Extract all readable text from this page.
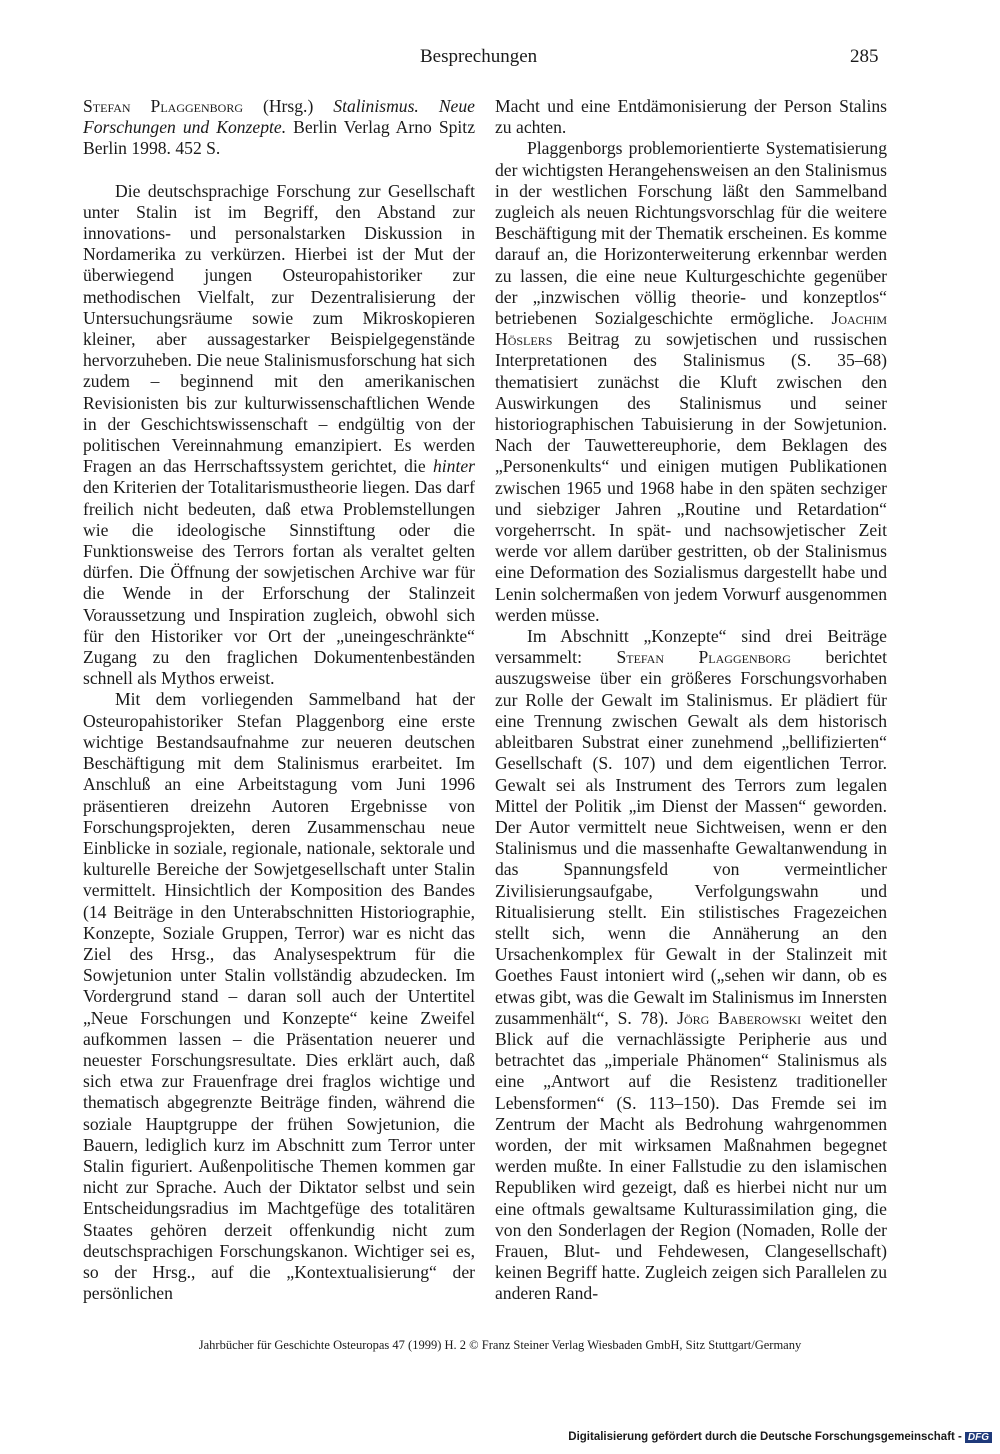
Besprechungen	285

Stefan Plaggenborg (Hrsg.) Stalinismus. Neue Forschungen und Konzepte. Berlin Verlag Arno Spitz Berlin 1998. 452 S.

Die deutschsprachige Forschung zur Gesellschaft unter Stalin ist im Begriff, den Abstand zur innovations- und personalstarken Diskussion in Nordamerika zu verkürzen. Hierbei ist der Mut der überwiegend jungen Osteuropahistoriker zur methodischen Vielfalt, zur Dezentralisierung der Untersuchungsräume sowie zum Mikroskopieren kleiner, aber aussagestarker Beispielgegenstände hervorzuheben. Die neue Stalinismusforschung hat sich zudem – beginnend mit den amerikanischen Revisionisten bis zur kulturwissenschaftlichen Wende in der Geschichtswissenschaft – endgültig von der politischen Vereinnahmung emanzipiert. Es werden Fragen an das Herrschaftssystem gerichtet, die hinter den Kriterien der Totalitarismustheorie liegen. Das darf freilich nicht bedeuten, daß etwa Problemstellungen wie die ideologische Sinnstiftung oder die Funktionsweise des Terrors fortan als veraltet gelten dürfen. Die Öffnung der sowjetischen Archive war für die Wende in der Erforschung der Stalinzeit Voraussetzung und Inspiration zugleich, obwohl sich für den Historiker vor Ort der „uneingeschränkte“ Zugang zu den fraglichen Dokumentenbeständen schnell als Mythos erweist.

Mit dem vorliegenden Sammelband hat der Osteuropahistoriker Stefan Plaggenborg eine erste wichtige Bestandsaufnahme zur neueren deutschen Beschäftigung mit dem Stalinismus erarbeitet. Im Anschluß an eine Arbeitstagung vom Juni 1996 präsentieren dreizehn Autoren Ergebnisse von Forschungsprojekten, deren Zusammenschau neue Einblicke in soziale, regionale, nationale, sektorale und kulturelle Bereiche der Sowjetgesellschaft unter Stalin vermittelt. Hinsichtlich der Komposition des Bandes (14 Beiträge in den Unterabschnitten Historiographie, Konzepte, Soziale Gruppen, Terror) war es nicht das Ziel des Hrsg., das Analysespektrum für die Sowjetunion unter Stalin vollständig abzudecken. Im Vordergrund stand – daran soll auch der Untertitel „Neue Forschungen und Konzepte“ keine Zweifel aufkommen lassen – die Präsentation neuerer und neuester Forschungsresultate. Dies erklärt auch, daß sich etwa zur Frauenfrage drei fraglos wichtige und thematisch abgegrenzte Beiträge finden, während die soziale Hauptgruppe der frühen Sowjetunion, die Bauern, lediglich kurz im Abschnitt zum Terror unter Stalin figuriert. Außenpolitische Themen kommen gar nicht zur Sprache. Auch der Diktator selbst und sein Entscheidungsradius im Machtgefüge des totalitären Staates gehören derzeit offenkundig nicht zum deutschsprachigen Forschungskanon. Wichtiger sei es, so der Hrsg., auf die „Kontextualisierung“ der persönlichen

Macht und eine Entdämonisierung der Person Stalins zu achten.

Plaggenborgs problemorientierte Systematisierung der wichtigsten Herangehensweisen an den Stalinismus in der westlichen Forschung läßt den Sammelband zugleich als neuen Richtungsvorschlag für die weitere Beschäftigung mit der Thematik erscheinen. Es komme darauf an, die Horizonterweiterung erkennbar werden zu lassen, die eine neue Kulturgeschichte gegenüber der „inzwischen völlig theorie- und konzeptlos“ betriebenen Sozialgeschichte ermögliche. Joachim Höslers Beitrag zu sowjetischen und russischen Interpretationen des Stalinismus (S. 35–68) thematisiert zunächst die Kluft zwischen den Auswirkungen des Stalinismus und seiner historiographischen Tabuisierung in der Sowjetunion. Nach der Tauwettereuphorie, dem Beklagen des „Personenkults“ und einigen mutigen Publikationen zwischen 1965 und 1968 habe in den späten sechziger und siebziger Jahren „Routine und Retardation“ vorgeherrscht. In spät- und nachsowjetischer Zeit werde vor allem darüber gestritten, ob der Stalinismus eine Deformation des Sozialismus dargestellt habe und Lenin solchermaßen von jedem Vorwurf ausgenommen werden müsse.

Im Abschnitt „Konzepte“ sind drei Beiträge versammelt: Stefan Plaggenborg berichtet auszugsweise über ein größeres Forschungsvorhaben zur Rolle der Gewalt im Stalinismus. Er plädiert für eine Trennung zwischen Gewalt als dem historisch ableitbaren Substrat einer zunehmend „bellifizierten“ Gesellschaft (S. 107) und dem eigentlichen Terror. Gewalt sei als Instrument des Terrors zum legalen Mittel der Politik „im Dienst der Massen“ geworden. Der Autor vermittelt neue Sichtweisen, wenn er den Stalinismus und die massenhafte Gewaltanwendung in das Spannungsfeld von vermeintlicher Zivilisierungsaufgabe, Verfolgungswahn und Ritualisierung stellt. Ein stilistisches Fragezeichen stellt sich, wenn die Annäherung an den Ursachenkomplex für Gewalt in der Stalinzeit mit Goethes Faust intoniert wird („sehen wir dann, ob es etwas gibt, was die Gewalt im Stalinismus im Innersten zusammenhält“, S. 78). Jörg Baberowski weitet den Blick auf die vernachlässigte Peripherie aus und betrachtet das „imperiale Phänomen“ Stalinismus als eine „Antwort auf die Resistenz traditioneller Lebensformen“ (S. 113–150). Das Fremde sei im Zentrum der Macht als Bedrohung wahrgenommen worden, der mit wirksamen Maßnahmen begegnet werden mußte. In einer Fallstudie zu den islamischen Republiken wird gezeigt, daß es hierbei nicht nur um eine oftmals gewaltsame Kulturassimilation ging, die von den Sonderlagen der Region (Nomaden, Rolle der Frauen, Blut- und Fehdewesen, Clangesellschaft) keinen Begriff hatte. Zugleich zeigen sich Parallelen zu anderen Rand-

Jahrbücher für Geschichte Osteuropas 47 (1999) H. 2 © Franz Steiner Verlag Wiesbaden GmbH, Sitz Stuttgart/Germany
Digitalisierung gefördert durch die Deutsche Forschungsgemeinschaft - DFG
